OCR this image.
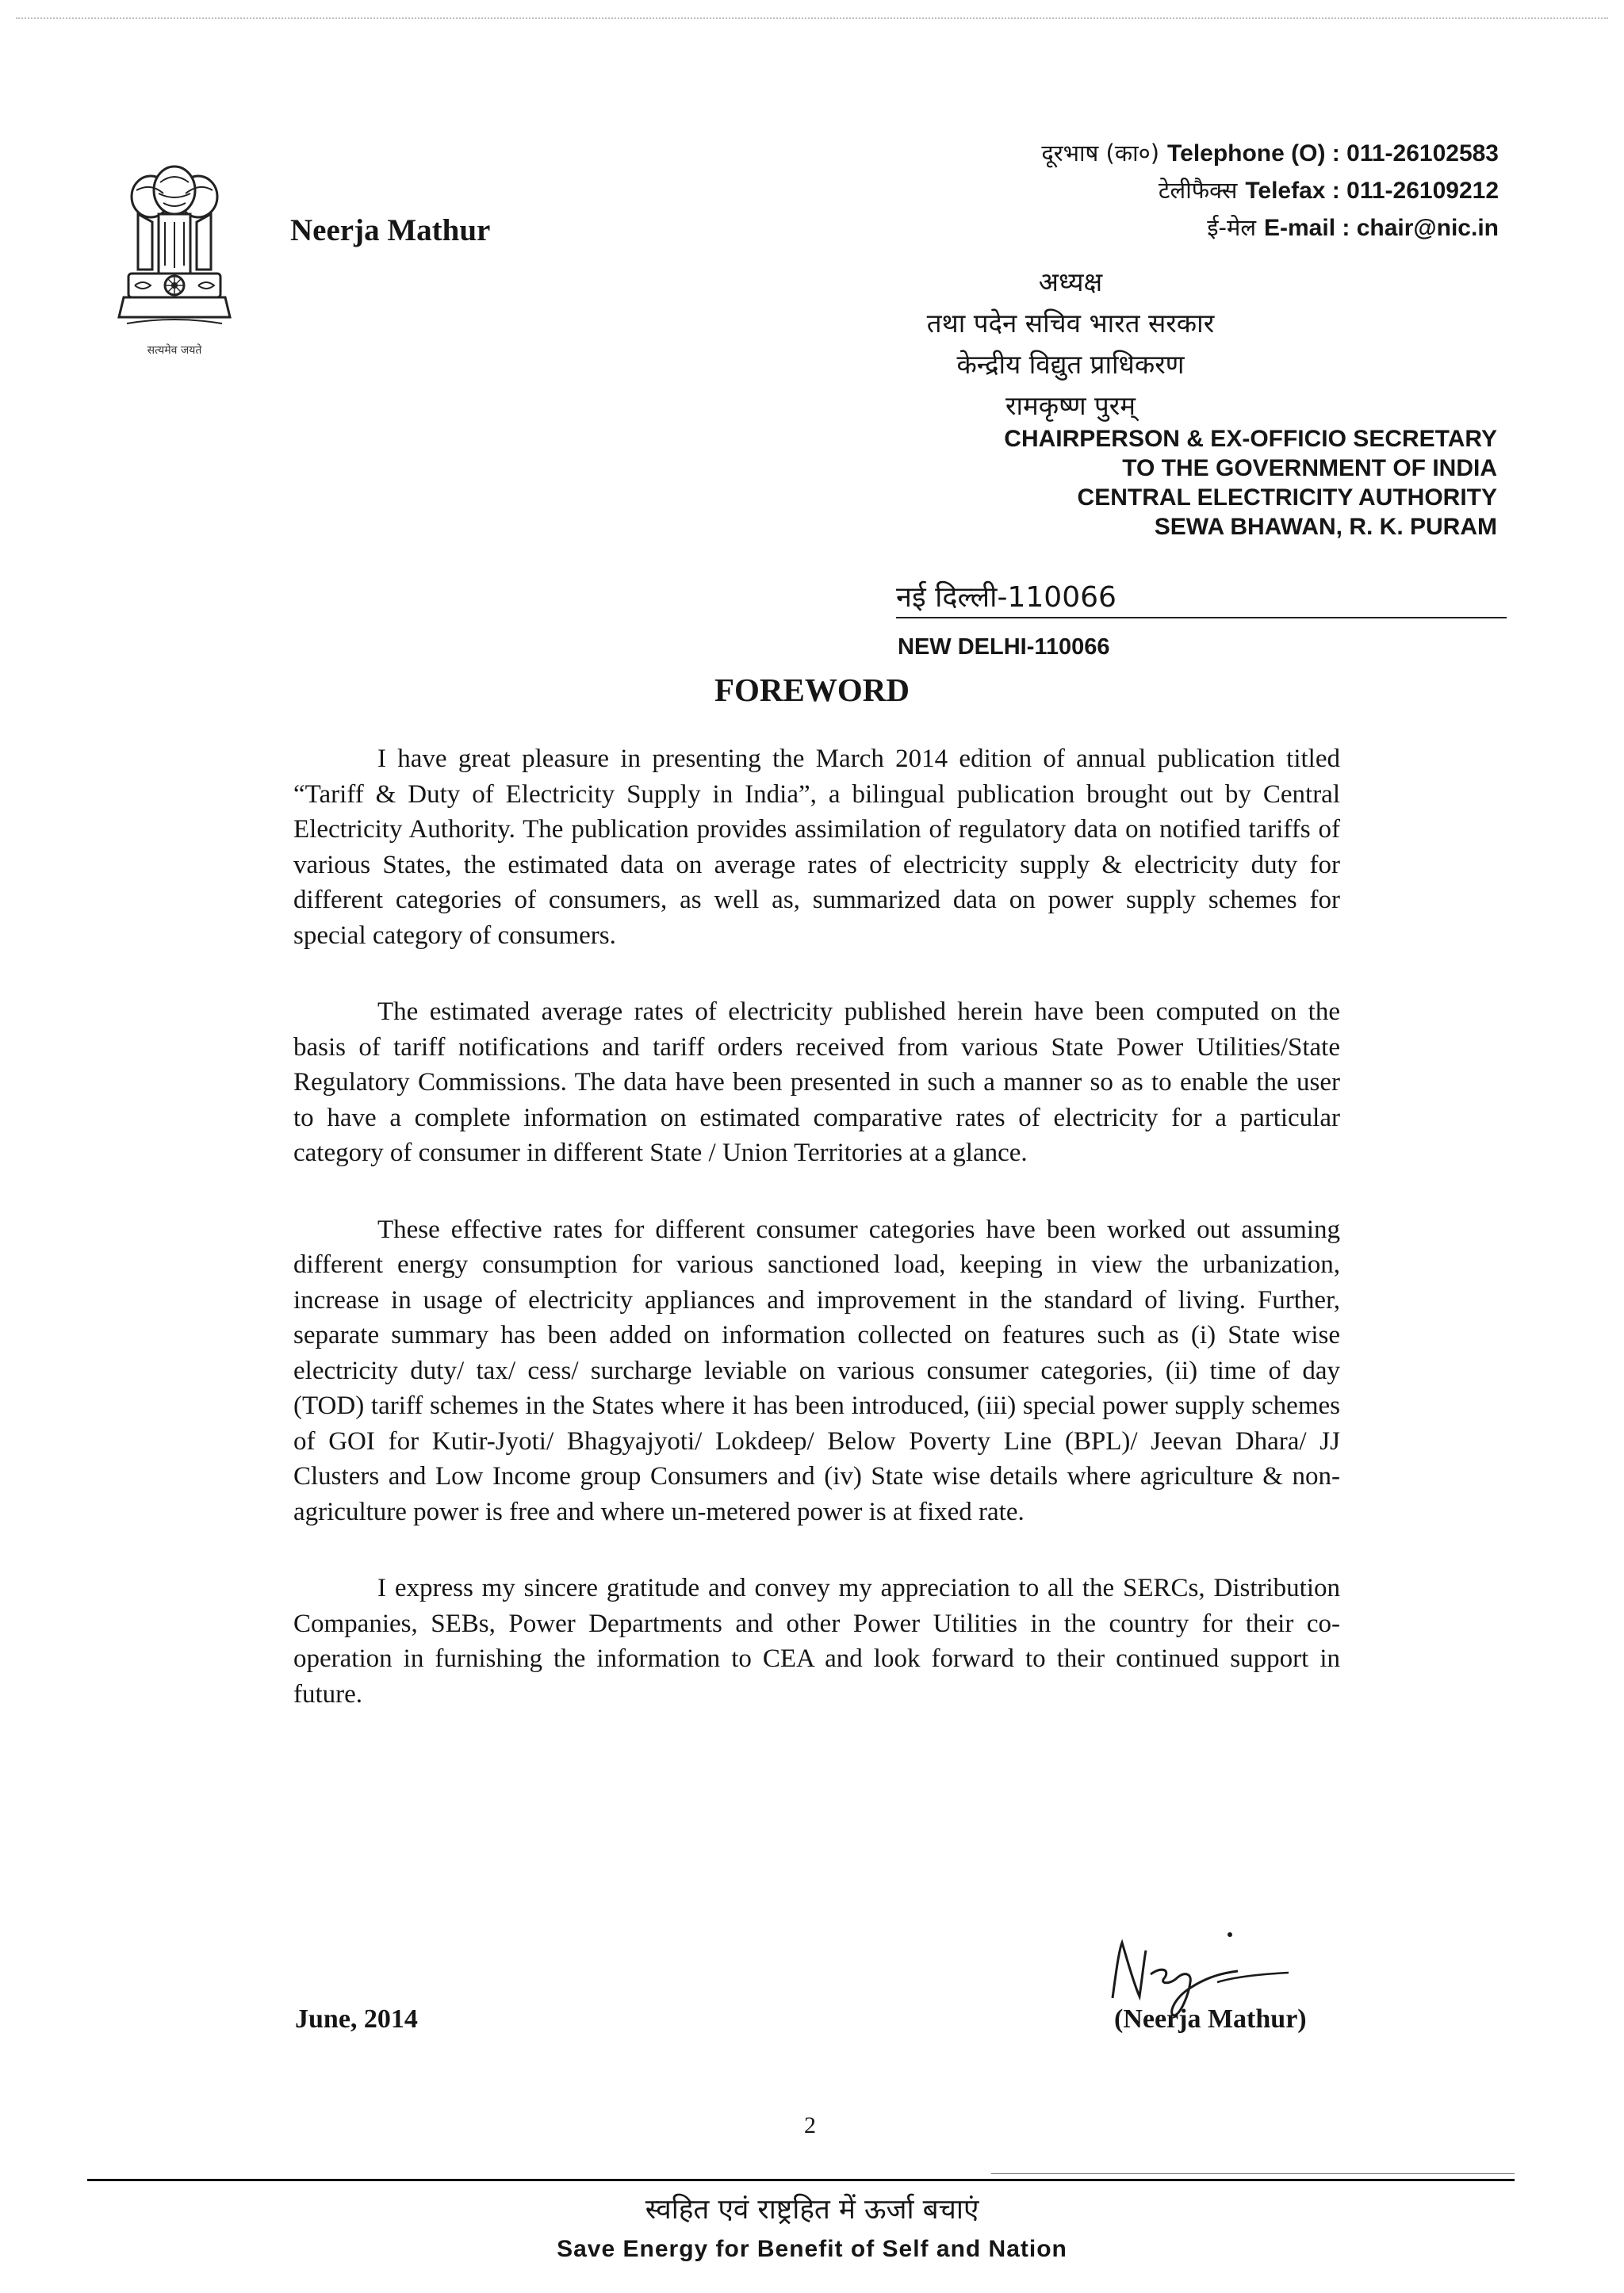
सत्यमेव जयते
Neerja Mathur
दूरभाष (का०) Telephone (O) : 011-26102583
टेलीफैक्स Telefax : 011-26109212
ई-मेल E-mail : chair@nic.in
अध्यक्ष
तथा पदेन सचिव भारत सरकार
केन्द्रीय विद्युत प्राधिकरण
रामकृष्ण पुरम्
CHAIRPERSON & EX-OFFICIO SECRETARY
TO THE GOVERNMENT OF INDIA
CENTRAL ELECTRICITY AUTHORITY
SEWA BHAWAN, R. K. PURAM
नई दिल्ली-110066
NEW DELHI-110066
FOREWORD

I have great pleasure in presenting the March 2014 edition of annual publication titled “Tariff & Duty of Electricity Supply in India”, a bilingual publication brought out by Central Electricity Authority. The publication provides assimilation of regulatory data on notified tariffs of various States, the estimated data on average rates of electricity supply & electricity duty for different categories of consumers, as well as, summarized data on power supply schemes for special category of consumers.

The estimated average rates of electricity published herein have been computed on the basis of tariff notifications and tariff orders received from various State Power Utilities/State Regulatory Commissions. The data have been presented in such a manner so as to enable the user to have a complete information on estimated comparative rates of electricity for a particular category of consumer in different State / Union Territories at a glance.

These effective rates for different consumer categories have been worked out assuming different energy consumption for various sanctioned load, keeping in view the urbanization, increase in usage of electricity appliances and improvement in the standard of living. Further, separate summary has been added on information collected on features such as (i) State wise electricity duty/ tax/ cess/ surcharge leviable on various consumer categories, (ii) time of day (TOD) tariff schemes in the States where it has been introduced, (iii) special power supply schemes of GOI for Kutir-Jyoti/ Bhagyajyoti/ Lokdeep/ Below Poverty Line (BPL)/ Jeevan Dhara/ JJ Clusters and Low Income group Consumers and (iv) State wise details where agriculture & non-agriculture power is free and where un-metered power is at fixed rate.

I express my sincere gratitude and convey my appreciation to all the SERCs, Distribution Companies, SEBs, Power Departments and other Power Utilities in the country for their co-operation in furnishing the information to CEA and look forward to their continued support in future.

June, 2014	(Neerja Mathur)
2
स्वहित एवं राष्ट्रहित में ऊर्जा बचाएं
Save Energy for Benefit of Self and Nation
